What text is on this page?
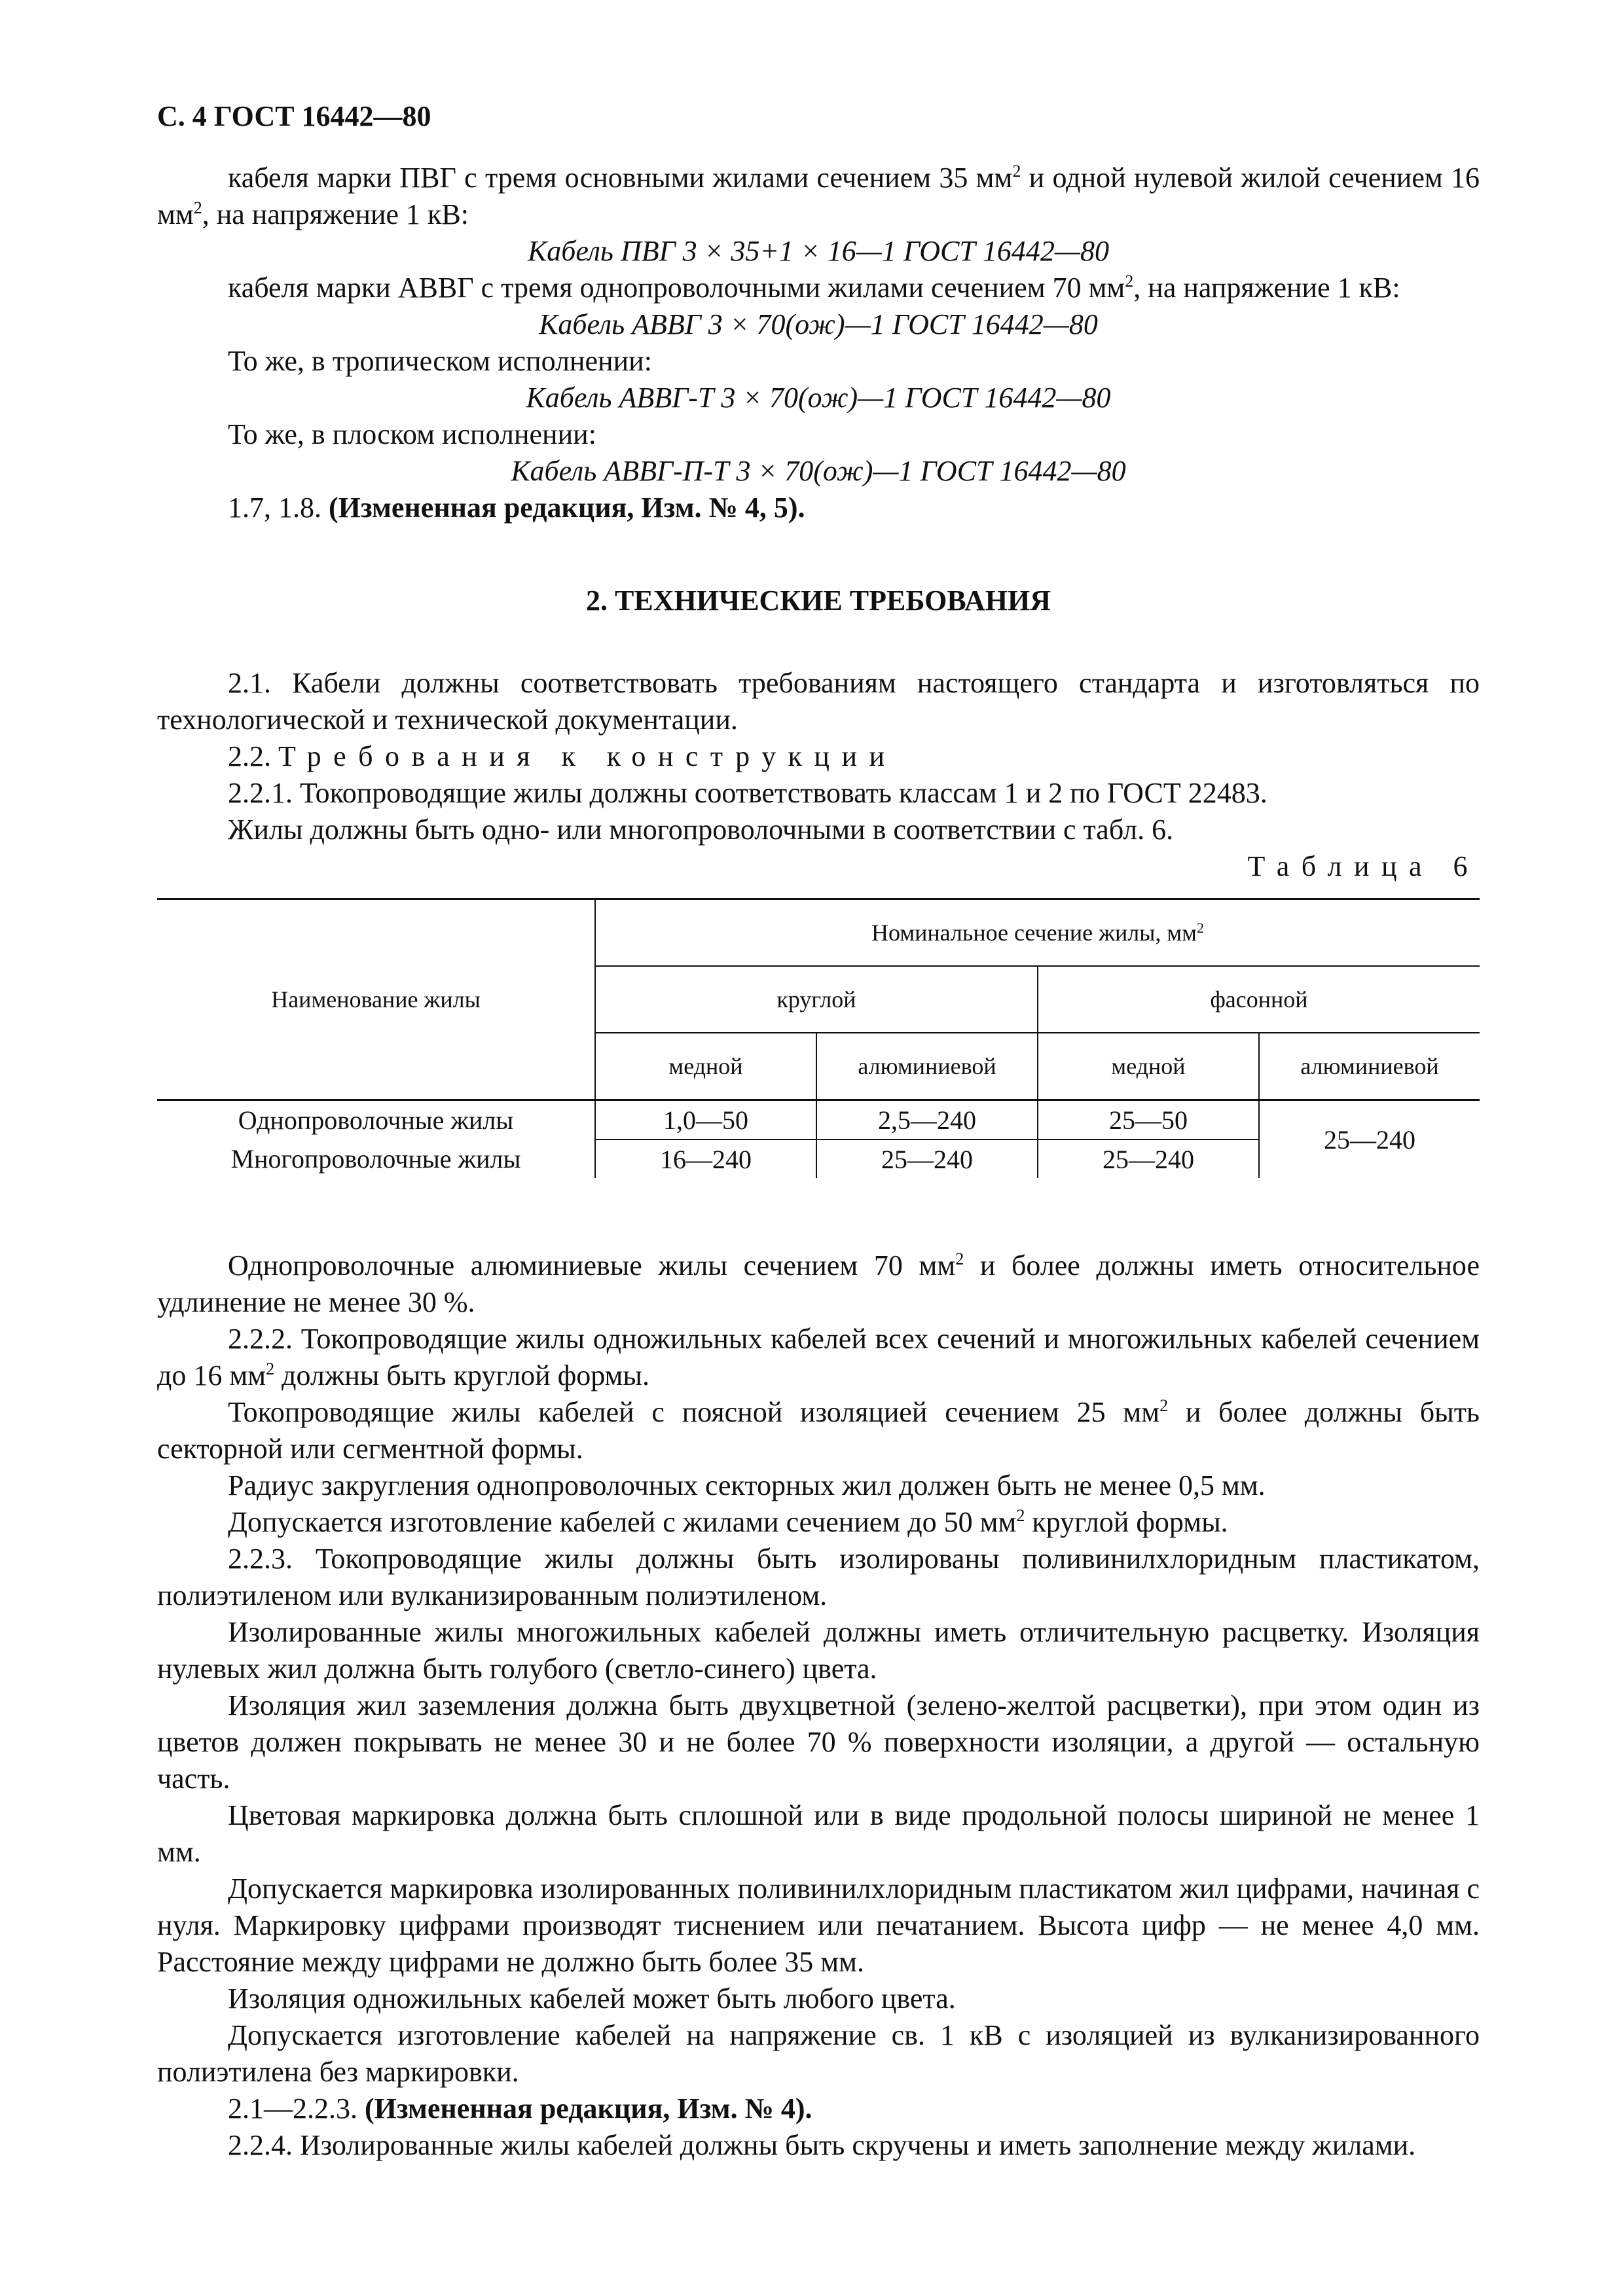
С. 4 ГОСТ 16442—80

кабеля марки ПВГ с тремя основными жилами сечением 35 $мм^2$ и одной нулевой жилой сечением 16 $мм^2$, на напряжение 1 кВ:

Кабель ПВГ 3 × 35+1 × 16—1 ГОСТ 16442—80

кабеля марки АВВГ с тремя однопроволочными жилами сечением 70 $мм^2$, на напряжение 1 кВ:

Кабель АВВГ 3 × 70(ож)—1 ГОСТ 16442—80

То же, в тропическом исполнении:

Кабель АВВГ-Т 3 × 70(ож)—1 ГОСТ 16442—80

То же, в плоском исполнении:

Кабель АВВГ-П-Т 3 × 70(ож)—1 ГОСТ 16442—80

1.7, 1.8. (Измененная редакция, Изм. № 4, 5).

2. ТЕХНИЧЕСКИЕ ТРЕБОВАНИЯ

2.1. Кабели должны соответствовать требованиям настоящего стандарта и изготовляться по технологической и технической документации.

2.2. Требования к конструкции

2.2.1. Токопроводящие жилы должны соответствовать классам 1 и 2 по ГОСТ 22483.

Жилы должны быть одно- или многопроволочными в соответствии с табл. 6.

Таблица 6

Наименование жилы	Номинальное сечение жилы, $мм^2$
	круглой		фасонной	
	медной	алюминиевой	медной	алюминиевой
Однопроволочные жилы	1,0—50	2,5—240	25—50	25—240
Многопроволочные жилы	16—240	25—240	25—240	

Однопроволочные алюминиевые жилы сечением 70 $мм^2$ и более должны иметь относительное удлинение не менее 30 %.

2.2.2. Токопроводящие жилы одножильных кабелей всех сечений и многожильных кабелей сечением до 16 $мм^2$ должны быть круглой формы.

Токопроводящие жилы кабелей с поясной изоляцией сечением 25 $мм^2$ и более должны быть секторной или сегментной формы.

Радиус закругления однопроволочных секторных жил должен быть не менее 0,5 мм.

Допускается изготовление кабелей с жилами сечением до 50 $мм^2$ круглой формы.

2.2.3. Токопроводящие жилы должны быть изолированы поливинилхлоридным пластикатом, полиэтиленом или вулканизированным полиэтиленом.

Изолированные жилы многожильных кабелей должны иметь отличительную расцветку. Изоляция нулевых жил должна быть голубого (светло-синего) цвета.

Изоляция жил заземления должна быть двухцветной (зелено-желтой расцветки), при этом один из цветов должен покрывать не менее 30 и не более 70 % поверхности изоляции, а другой — остальную часть.

Цветовая маркировка должна быть сплошной или в виде продольной полосы шириной не менее 1 мм.

Допускается маркировка изолированных поливинилхлоридным пластикатом жил цифрами, начиная с нуля. Маркировку цифрами производят тиснением или печатанием. Высота цифр — не менее 4,0 мм. Расстояние между цифрами не должно быть более 35 мм.

Изоляция одножильных кабелей может быть любого цвета.

Допускается изготовление кабелей на напряжение св. 1 кВ с изоляцией из вулканизированного полиэтилена без маркировки.

2.1—2.2.3. (Измененная редакция, Изм. № 4).

2.2.4. Изолированные жилы кабелей должны быть скручены и иметь заполнение между жилами.
